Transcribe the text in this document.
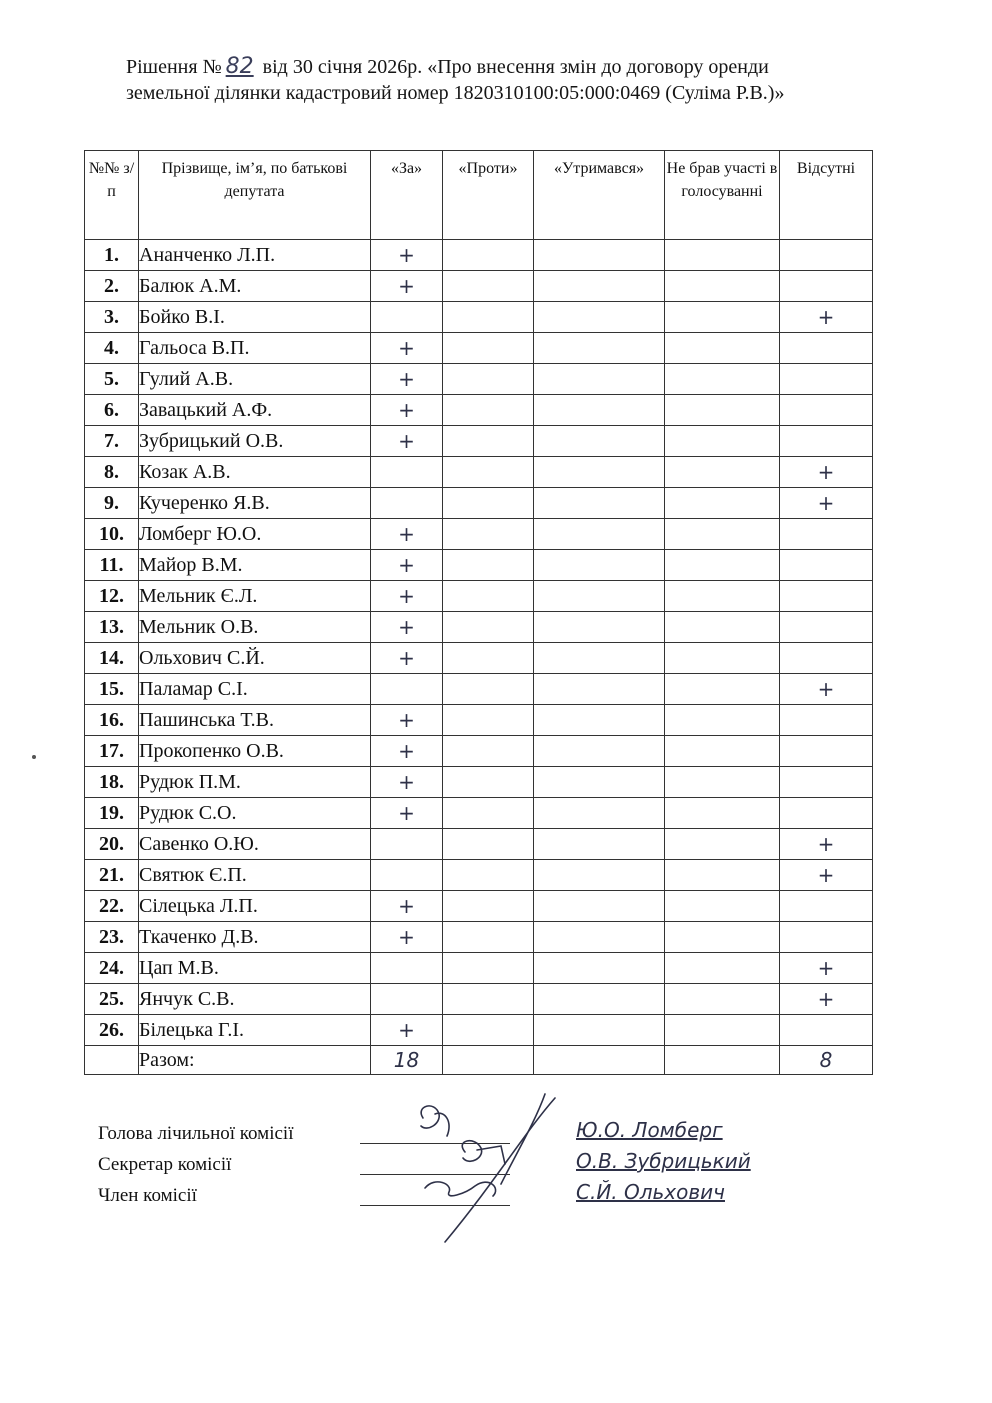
Рішення № 82 від 30 січня 2026р. «Про внесення змін до договору оренди
земельної ділянки кадастровий номер 1820310100:05:000:0469 (Суліма Р.В.)»
№№ з/п	Прізвище, ім’я, по батькові депутата	«За»	«Проти»	«Утримався»	Не брав участі в голосуванні	Відсутні
1.	Ананченко Л.П.	+				
2.	Балюк А.М.	+				
3.	Бойко В.І.					+
4.	Гальоса В.П.	+				
5.	Гулий А.В.	+				
6.	Завацький А.Ф.	+				
7.	Зубрицький О.В.	+				
8.	Козак А.В.					+
9.	Кучеренко Я.В.					+
10.	Ломберг Ю.О.	+				
11.	Майор В.М.	+				
12.	Мельник Є.Л.	+				
13.	Мельник О.В.	+				
14.	Ольхович С.Й.	+				
15.	Паламар С.І.					+
16.	Пашинська Т.В.	+				
17.	Прокопенко О.В.	+				
18.	Рудюк П.М.	+				
19.	Рудюк С.О.	+				
20.	Савенко О.Ю.					+
21.	Святюк Є.П.					+
22.	Сілецька Л.П.	+				
23.	Ткаченко Д.В.	+				
24.	Цап М.В.					+
25.	Янчук С.В.					+
26.	Білецька Г.І.	+				
	Разом:	18				8
Голова лічильної комісії
Секретар комісії
Член комісії
Ю.О. Ломберг
О.В. Зубрицький
С.Й. Ольхович
